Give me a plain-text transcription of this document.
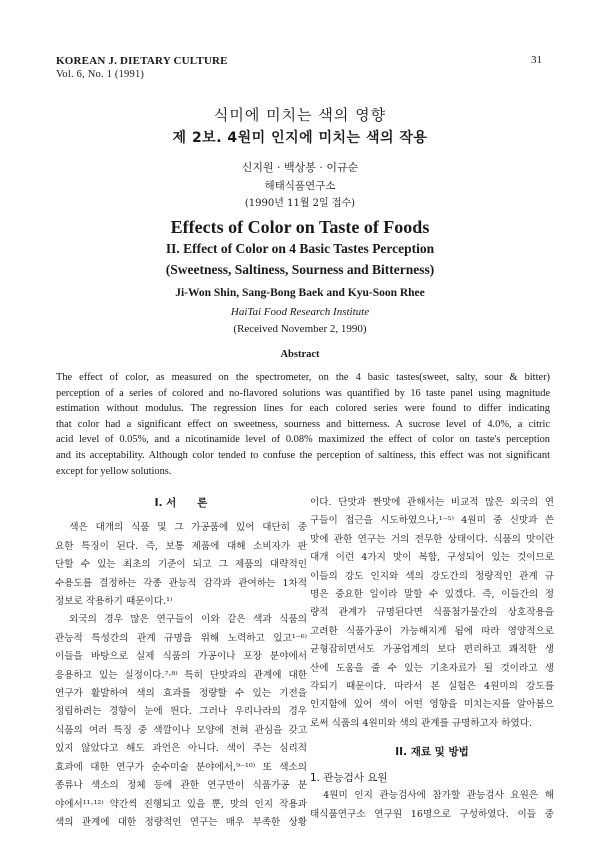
KOREAN J. DIETARY CULTURE
Vol. 6, No. 1 (1991)
31
식미에 미치는 색의 영향
제 2보. 4원미 인지에 미치는 색의 작용
신지원 · 백상봉 · 이규순
해태식품연구소
(1990년 11월 2일 접수)
Effects of Color on Taste of Foods
II. Effect of Color on 4 Basic Tastes Perception
(Sweetness, Saltiness, Sourness and Bitterness)
Ji-Won Shin, Sang-Bong Baek and Kyu-Soon Rhee
HaiTai Food Research Institute
(Received November 2, 1990)
Abstract
The effect of color, as measured on the spectrometer, on the 4 basic tastes(sweet, salty, sour & bitter)
perception of a series of colored and no-flavored solutions was quantified by 16 taste panel using magnitude
estimation without modulus. The regression lines for each colored series were found to differ indicating
that color had a significant effect on sweetness, sourness and bitterness. A sucrose level of 4.0%, a citric
acid level of 0.05%, and a nicotinamide level of 0.08% maximized the effect of color on taste's perception
and its acceptability. Although color tended to confuse the perception of saltiness, this effect was not significant
except for yellow solutions.
I. 서　　론
　색은 대개의 식품 및 그 가공품에 있어 대단히 중
요한 특징이 된다. 즉, 보통 제품에 대해 소비자가 판
단할 수 있는 최초의 기준이 되고 그 제품의 대략적인
수용도를 결정하는 각종 관능적 감각과 관여하는 1차적
정보로 작용하기 때문이다.¹⁾
　외국의 경우 많은 연구들이 이와 같은 색과 식품의
관능적 특성간의 관계 규명을 위해 노력하고 있고¹⁻⁶⁾
이들을 바탕으로 실제 식품의 가공이나 포장 분야에서
응용하고 있는 실정이다.⁷·⁸⁾ 특히 단맛과의 관계에 대한
연구가 활발하여 색의 효과를 정량할 수 있는 기전을
정립하려는 경향이 눈에 띈다. 그러나 우리나라의 경우
식품의 여러 특징 중 색깔이나 모양에 전혀 관심을 갖고
있지 않았다고 해도 과언은 아니다. 색이 주는 심리적
효과에 대한 연구가 순수미술 분야에서,⁹⁻¹⁰⁾ 또 색소의
종류나 색소의 정체 등에 관한 연구만이 식품가공 분
야에서¹¹·¹²⁾ 약간씩 진행되고 있을 뿐, 맛의 인지 작용과
색의 관계에 대한 정량적인 연구는 매우 부족한 상황
이다. 단맛과 짠맛에 관해서는 비교적 많은 외국의 연
구들이 접근을 시도하였으나,¹⁻⁵⁾ 4원미 중 신맛과 쓴
맛에 관한 연구는 거의 전무한 상태이다. 식품의 맛이란
대개 이런 4가지 맛이 복합, 구성되어 있는 것이므로
이들의 강도 인지와 색의 강도간의 정량적인 관계 규
명은 중요한 일이라 말할 수 있겠다. 즉, 이들간의 정
량적 관계가 규명된다면 식품첨가물간의 상호작용을
고려한 식품가공이 가능해지게 됨에 따라 영양적으로
균형잡히면서도 가공업계의 보다 편리하고 쾌적한 생
산에 도움을 줄 수 있는 기초자료가 될 것이라고 생
각되기 때문이다. 따라서 본 실험은 4원미의 강도를
인지함에 있어 색이 어떤 영향을 미치는지를 알아봄으
로써 식품의 4원미와 색의 관계를 규명하고자 하였다.
II. 재료 및 방법
1. 관능검사 요원
　4원미 인지 관능검사에 참가할 관능검사 요원은 해
태식품연구소 연구원 16명으로 구성하였다. 이들 중
